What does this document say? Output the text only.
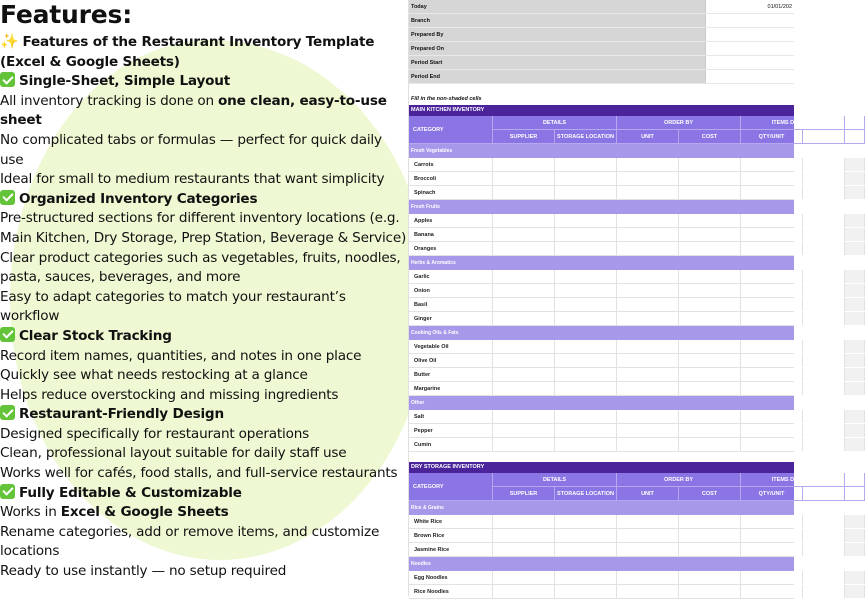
Features:
✨ Features of the Restaurant Inventory Template (Excel & Google Sheets)
Single-Sheet, Simple Layout
All inventory tracking is done on one clean, easy-to-use sheet
No complicated tabs or formulas — perfect for quick daily use
Ideal for small to medium restaurants that want simplicity
Organized Inventory Categories
Pre-structured sections for different inventory locations (e.g. Main Kitchen, Dry Storage, Prep Station, Beverage & Service)
Clear product categories such as vegetables, fruits, noodles, pasta, sauces, beverages, and more
Easy to adapt categories to match your restaurant’s workflow
Clear Stock Tracking
Record item names, quantities, and notes in one place
Quickly see what needs restocking at a glance
Helps reduce overstocking and missing ingredients
Restaurant-Friendly Design
Designed specifically for restaurant operations
Clean, professional layout suitable for daily staff use
Works well for cafés, food stalls, and full-service restaurants
Fully Editable & Customizable
Works in Excel & Google Sheets
Rename categories, add or remove items, and customize locations
Ready to use instantly — no setup required
Today	01/01/202
Branch
Prepared By
Prepared On
Period Start
Period End
Fill in the non-shaded cells
MAIN KITCHEN INVENTORY
CATEGORY
DETAILS	ORDER BY	ITEMS DETAILS
SUPPLIER	STORAGE LOCATION	UNIT	COST	QTY/UNIT	ITEM SIZE
Fresh Vegetables
Carrots
Broccoli
Spinach
Fresh Fruits
Apples
Banana
Oranges
Herbs & Aromatics
Garlic
Onion
Basil
Ginger
Cooking Oils & Fats
Vegetable Oil
Olive Oil
Butter
Margarine
Other
Salt
Pepper
Cumin
DRY STORAGE INVENTORY
CATEGORY
DETAILS	ORDER BY	ITEMS DETAILS
SUPPLIER	STORAGE LOCATION	UNIT	COST	QTY/UNIT	ITEM SIZE
Rice & Grains
White Rice
Brown Rice
Jasmine Rice
Noodles
Egg Noodles
Rice Noodles
